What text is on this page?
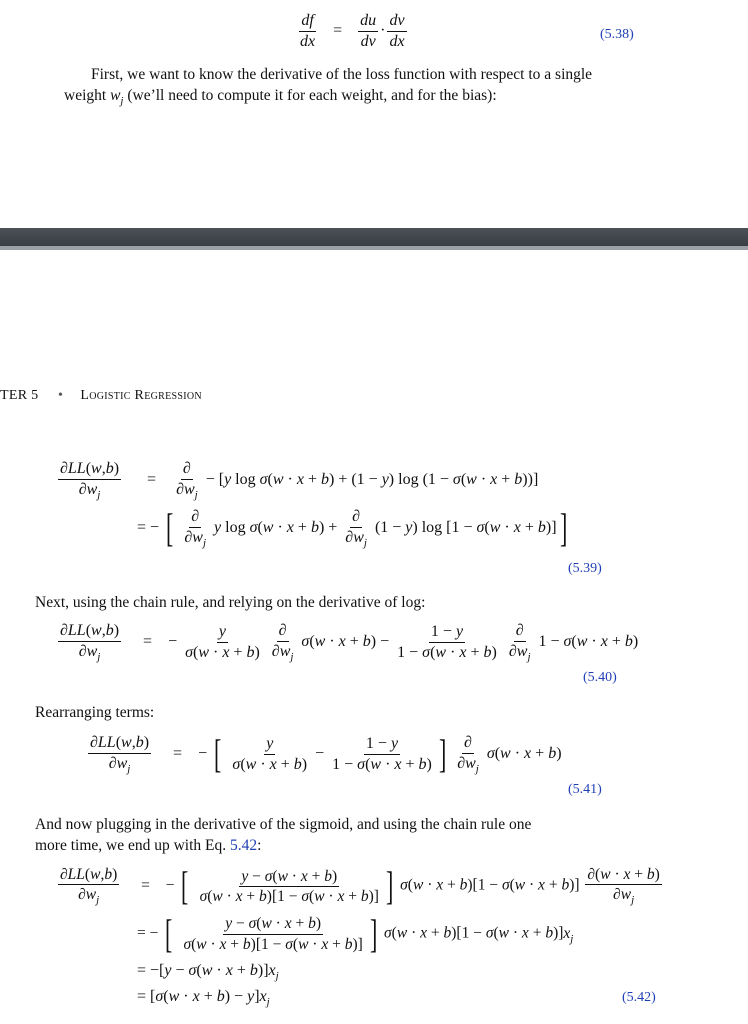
$\frac{df}{dx} = \frac{du}{dv} \cdot \frac{dv}{dx}$	(5.38)
First, we want to know the derivative of the loss function with respect to a single
weight $w_j$ (we’ll need to compute it for each weight, and for the bias):
TER 5 • Logistic Regression
$\frac{\partial LL(w,b)}{\partial w_j} = \frac{\partial}{\partial w_j} - [y$ log σ(w · x + b) + (1 − y) log (1 − σ(w · x + b))]
= − [ $\frac{\partial}{\partial w_j}$ y $\log \sigma(w \cdot x + b) + \frac{\partial}{\partial w_j} (1 - y)$ log [1 − σ(w · x + b)]]
(5.39)
Next, using the chain rule, and relying on the derivative of log:
$\frac{\partial LL(w,b)}{\partial w_j}$ = − $\frac{y}{\sigma(w \cdot x + b)}$
$\frac{\partial}{\partial w_j} \sigma(w \cdot x + b) - \frac{1 - y}{1 - \sigma(w \cdot x + b)}$
$\frac{\partial}{\partial w_j} 1 - \sigma(w \cdot x + b)$
(5.40)
Rearranging terms:
$\frac{\partial LL(w,b)}{\partial w_j}$ = − [ $\frac{y}{\sigma(w \cdot x + b)} - \frac{1 - y}{1 - \sigma(w \cdot x + b)}$ ] $\frac{\partial}{\partial w_j} \sigma(w \cdot x + b)$
(5.41)
And now plugging in the derivative of the sigmoid, and using the chain rule one
more time, we end up with Eq. 5.42:
$\frac{\partial LL(w,b)}{\partial w_j}$ = − [ $\frac{y - \sigma(w \cdot x + b)}{\sigma(w \cdot x + b)[1 - \sigma(w \cdot x + b)]}$ ] $\sigma(w \cdot x + b)[1 - \sigma(w \cdot x + b)] \frac{\partial(w \cdot x + b)}{\partial w_j}$
= − [ $\frac{y - \sigma(w \cdot x + b)}{\sigma(w \cdot x + b)[1 - \sigma(w \cdot x + b)]}$ ] $\sigma(w \cdot x + b)[1 - \sigma(w \cdot x + b)]x_j$
= $-[y - \sigma(w \cdot x + b)]x_j$
= $[\sigma(w \cdot x + b) - y]x_j$	(5.42)
